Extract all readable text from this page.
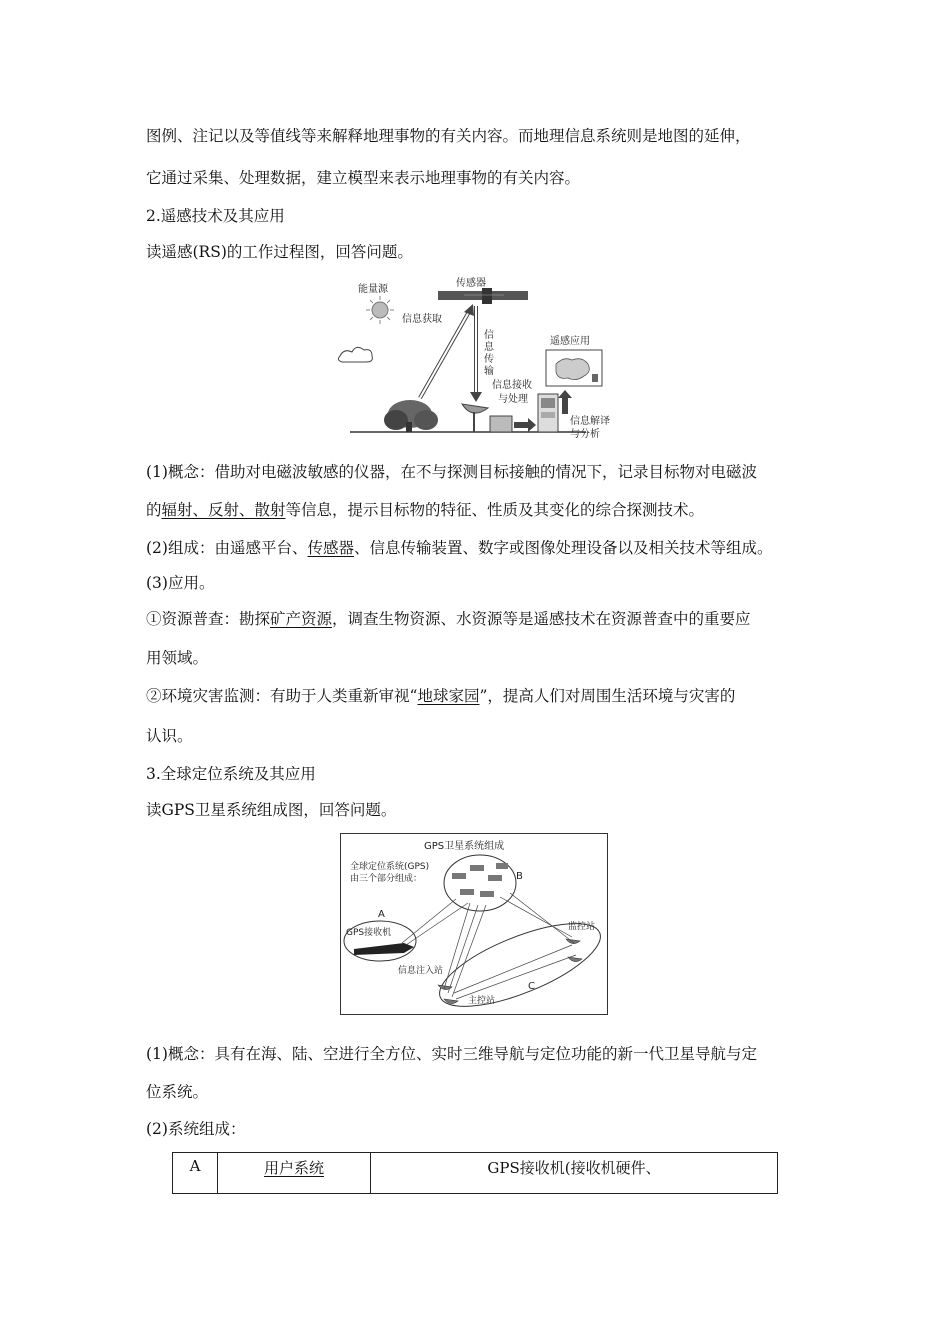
图例、注记以及等值线等来解释地理事物的有关内容。而地理信息系统则是地图的延伸，
它通过采集、处理数据，建立模型来表示地理事物的有关内容。
2.遥感技术及其应用
读遥感(RS)的工作过程图，回答问题。
能量源
传感器
信息获取
信
息
传
输
信息接收
与处理
信息解译
与分析
遥感应用
(1)概念：借助对电磁波敏感的仪器，在不与探测目标接触的情况下，记录目标物对电磁波
的辐射、反射、散射等信息，提示目标物的特征、性质及其变化的综合探测技术。
(2)组成：由遥感平台、传感器、信息传输装置、数字或图像处理设备以及相关技术等组成。
(3)应用。
①资源普查：勘探矿产资源，调查生物资源、水资源等是遥感技术在资源普查中的重要应
用领域。
②环境灾害监测：有助于人类重新审视“地球家园”，提高人们对周围生活环境与灾害的
认识。
3.全球定位系统及其应用
读GPS卫星系统组成图，回答问题。
GPS卫星系统组成
全球定位系统(GPS)
由三个部分组成：	B
A
GPS接收机
C
监控站
信息注入站
主控站
(1)概念：具有在海、陆、空进行全方位、实时三维导航与定位功能的新一代卫星导航与定
位系统。
(2)系统组成：
A	用户系统	GPS接收机(接收机硬件、
